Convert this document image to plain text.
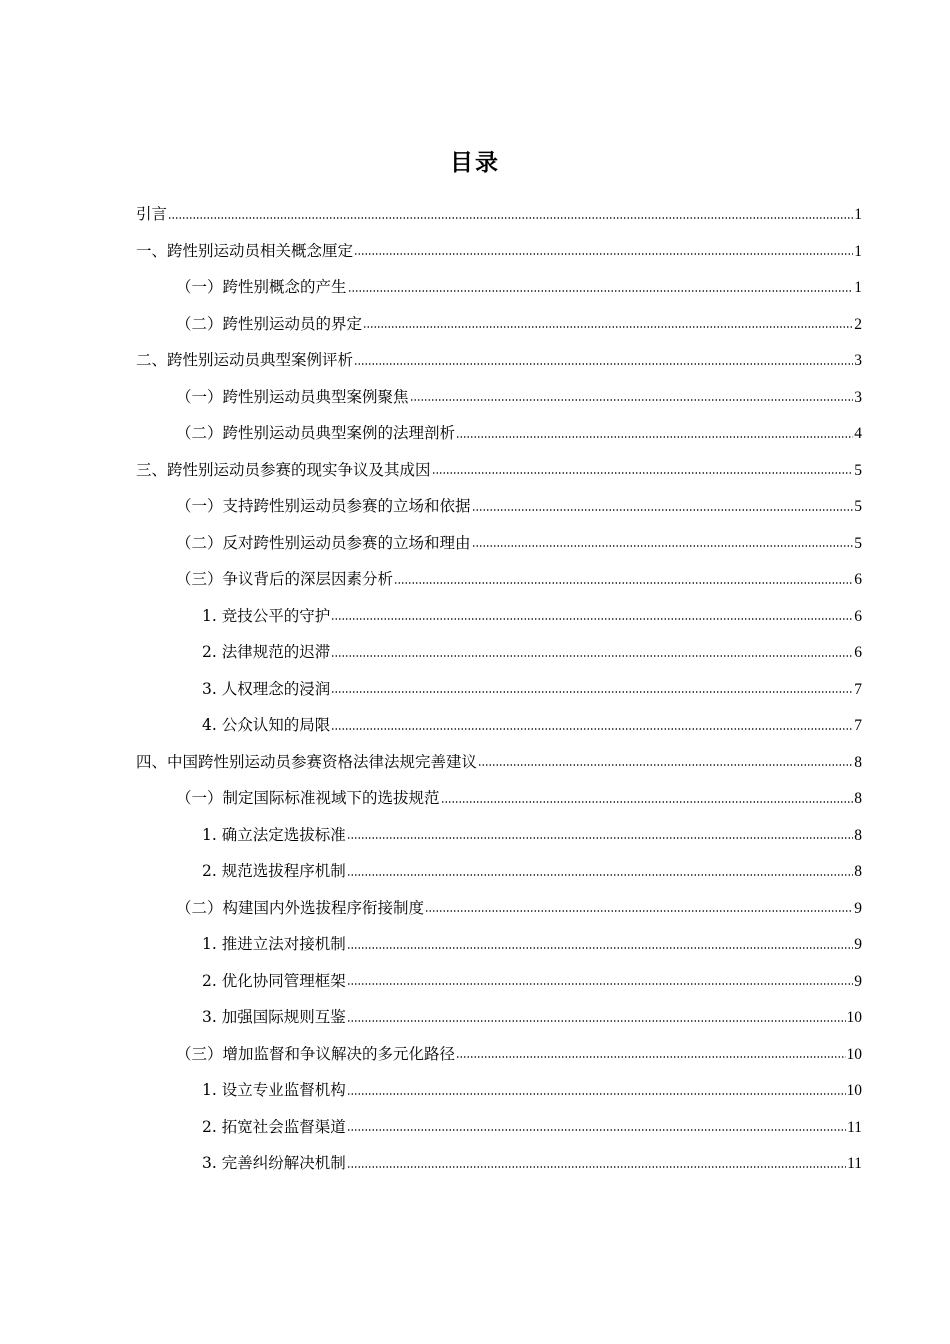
目录
引言	1
一、跨性别运动员相关概念厘定	1
（一）跨性别概念的产生	1
（二）跨性别运动员的界定	2
二、跨性别运动员典型案例评析	3
（一）跨性别运动员典型案例聚焦	3
（二）跨性别运动员典型案例的法理剖析	4
三、跨性别运动员参赛的现实争议及其成因	5
（一）支持跨性别运动员参赛的立场和依据	5
（二）反对跨性别运动员参赛的立场和理由	5
（三）争议背后的深层因素分析	6
1. 竞技公平的守护	6
2. 法律规范的迟滞	6
3. 人权理念的浸润	7
4. 公众认知的局限	7
四、中国跨性别运动员参赛资格法律法规完善建议	8
（一）制定国际标准视域下的选拔规范	8
1. 确立法定选拔标准	8
2. 规范选拔程序机制	8
（二）构建国内外选拔程序衔接制度	9
1. 推进立法对接机制	9
2. 优化协同管理框架	9
3. 加强国际规则互鉴	10
（三）增加监督和争议解决的多元化路径	10
1. 设立专业监督机构	10
2. 拓宽社会监督渠道	11
3. 完善纠纷解决机制	11
